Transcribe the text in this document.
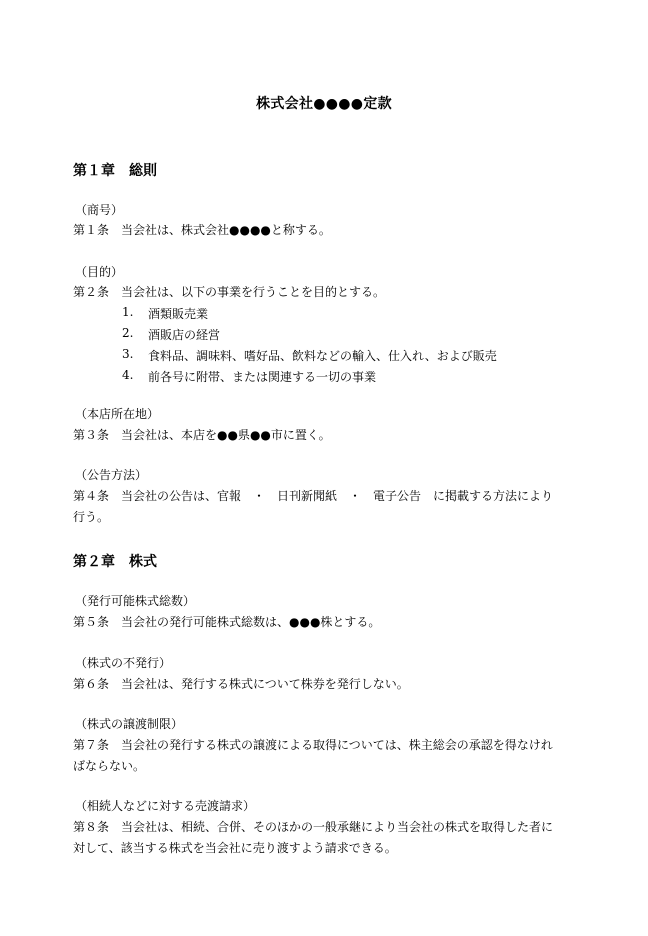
株式会社●●●●定款
第１章　総則
（商号）
第１条　当会社は、株式会社●●●●と称する。
（目的）
第２条　当会社は、以下の事業を行うことを目的とする。
1. 酒類販売業
2. 酒販店の経営
3. 食料品、調味料、嗜好品、飲料などの輸入、仕入れ、および販売
4. 前各号に附帯、または関連する一切の事業
（本店所在地）
第３条　当会社は、本店を●●県●●市に置く。
（公告方法）
第４条　当会社の公告は、官報　・　日刊新聞紙　・　電子公告　に掲載する方法により
行う。
第２章　株式
（発行可能株式総数）
第５条　当会社の発行可能株式総数は、●●●株とする。
（株式の不発行）
第６条　当会社は、発行する株式について株券を発行しない。
（株式の譲渡制限）
第７条　当会社の発行する株式の譲渡による取得については、株主総会の承認を得なけれ
ばならない。
（相続人などに対する売渡請求）
第８条　当会社は、相続、合併、そのほかの一般承継により当会社の株式を取得した者に
対して、該当する株式を当会社に売り渡すよう請求できる。
